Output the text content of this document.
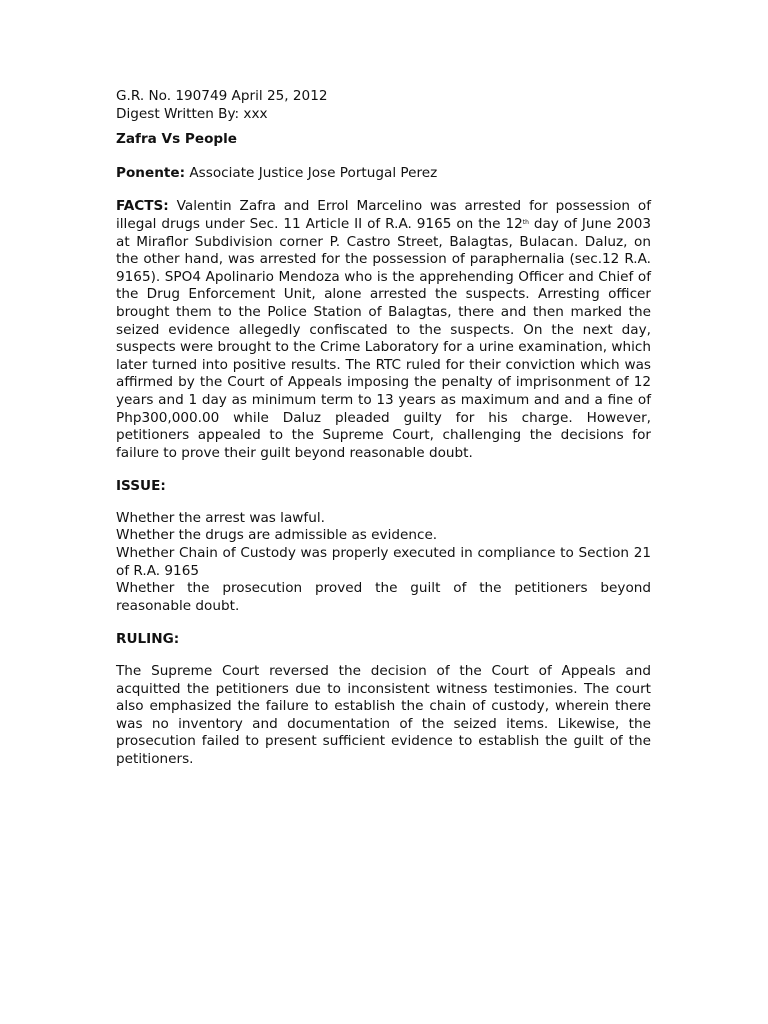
G.R. No. 190749 April 25, 2012

Digest Written By: xxx

Zafra Vs People

Ponente: Associate Justice Jose Portugal Perez

FACTS: Valentin Zafra and Errol Marcelino was arrested for possession of illegal drugs under Sec. 11 Article II of R.A. 9165 on the 12th day of June 2003 at Miraflor Subdivision corner P. Castro Street, Balagtas, Bulacan. Daluz, on the other hand, was arrested for the possession of paraphernalia (sec.12 R.A. 9165). SPO4 Apolinario Mendoza who is the apprehending Officer and Chief of the Drug Enforcement Unit, alone arrested the suspects. Arresting officer brought them to the Police Station of Balagtas, there and then marked the seized evidence allegedly confiscated to the suspects. On the next day, suspects were brought to the Crime Laboratory for a urine examination, which later turned into positive results. The RTC ruled for their conviction which was affirmed by the Court of Appeals imposing the penalty of imprisonment of 12 years and 1 day as minimum term to 13 years as maximum and and a fine of Php300,000.00 while Daluz pleaded guilty for his charge. However, petitioners appealed to the Supreme Court, challenging the decisions for failure to prove their guilt beyond reasonable doubt.

ISSUE:

Whether the arrest was lawful.

Whether the drugs are admissible as evidence.

Whether Chain of Custody was properly executed in compliance to Section 21 of R.A. 9165

Whether the prosecution proved the guilt of the petitioners beyond reasonable doubt.

RULING:

The Supreme Court reversed the decision of the Court of Appeals and acquitted the petitioners due to inconsistent witness testimonies. The court also emphasized the failure to establish the chain of custody, wherein there was no inventory and documentation of the seized items. Likewise, the prosecution failed to present sufficient evidence to establish the guilt of the petitioners.
